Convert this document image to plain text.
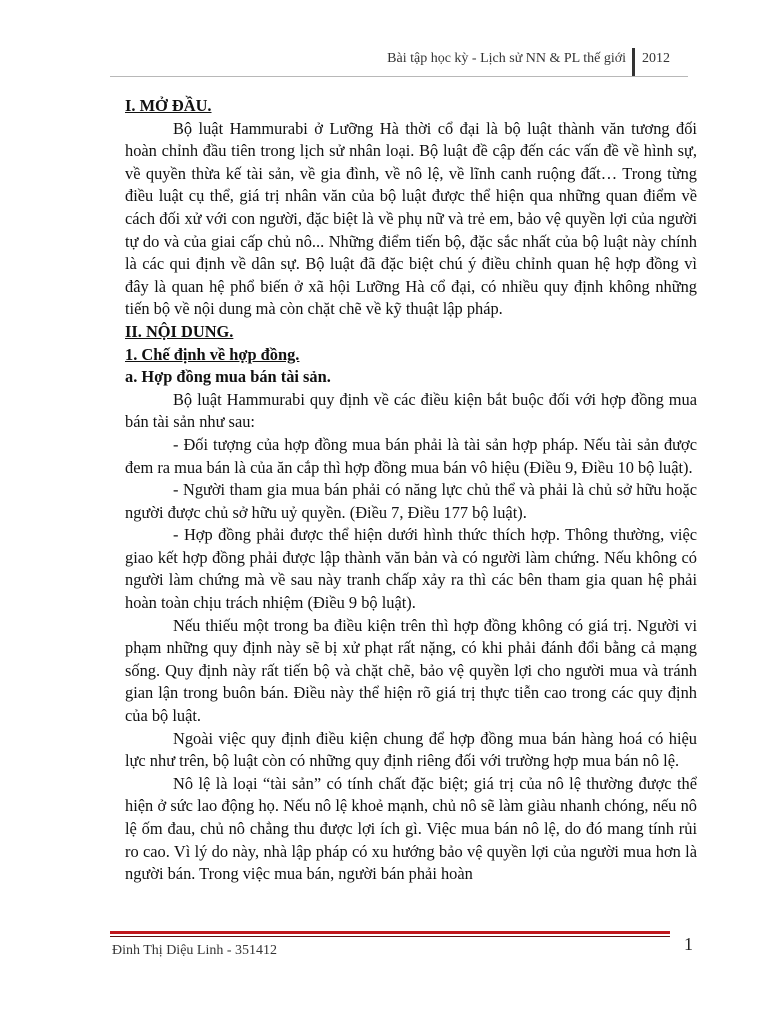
Bài tập học kỳ - Lịch sử NN & PL thế giới 2012

I. MỞ ĐẦU.

Bộ luật Hammurabi ở Lưỡng Hà thời cổ đại là bộ luật thành văn tương đối hoàn chỉnh đầu tiên trong lịch sử nhân loại. Bộ luật đề cập đến các vấn đề về hình sự, về quyền thừa kế tài sản, về gia đình, về nô lệ, về lĩnh canh ruộng đất… Trong từng điều luật cụ thể, giá trị nhân văn của bộ luật được thể hiện qua những quan điểm về cách đối xử với con người, đặc biệt là về phụ nữ và trẻ em, bảo vệ quyền lợi của người tự do và của giai cấp chủ nô... Những điểm tiến bộ, đặc sắc nhất của bộ luật này chính là các qui định về dân sự. Bộ luật đã đặc biệt chú ý điều chỉnh quan hệ hợp đồng vì đây là quan hệ phổ biến ở xã hội Lưỡng Hà cổ đại, có nhiều quy định không những tiến bộ về nội dung mà còn chặt chẽ về kỹ thuật lập pháp.

II. NỘI DUNG.

1. Chế định về hợp đồng.

a. Hợp đồng mua bán tài sản.

Bộ luật Hammurabi quy định về các điều kiện bắt buộc đối với hợp đồng mua bán tài sản như sau:

- Đối tượng của hợp đồng mua bán phải là tài sản hợp pháp. Nếu tài sản được đem ra mua bán là của ăn cắp thì hợp đồng mua bán vô hiệu (Điều 9, Điều 10 bộ luật).

- Người tham gia mua bán phải có năng lực chủ thể và phải là chủ sở hữu hoặc người được chủ sở hữu uỷ quyền. (Điều 7, Điều 177 bộ luật).

- Hợp đồng phải được thể hiện dưới hình thức thích hợp. Thông thường, việc giao kết hợp đồng phải được lập thành văn bản và có người làm chứng. Nếu không có người làm chứng mà về sau này tranh chấp xảy ra thì các bên tham gia quan hệ phải hoàn toàn chịu trách nhiệm (Điều 9 bộ luật).

Nếu thiếu một trong ba điều kiện trên thì hợp đồng không có giá trị. Người vi phạm những quy định này sẽ bị xử phạt rất nặng, có khi phải đánh đổi bằng cả mạng sống. Quy định này rất tiến bộ và chặt chẽ, bảo vệ quyền lợi cho người mua và tránh gian lận trong buôn bán. Điều này thể hiện rõ giá trị thực tiễn cao trong các quy định của bộ luật.

Ngoài việc quy định điều kiện chung để hợp đồng mua bán hàng hoá có hiệu lực như trên, bộ luật còn có những quy định riêng đối với trường hợp mua bán nô lệ.

Nô lệ là loại “tài sản” có tính chất đặc biệt; giá trị của nô lệ thường được thể hiện ở sức lao động họ. Nếu nô lệ khoẻ mạnh, chủ nô sẽ làm giàu nhanh chóng, nếu nô lệ ốm đau, chủ nô chẳng thu được lợi ích gì. Việc mua bán nô lệ, do đó mang tính rủi ro cao. Vì lý do này, nhà lập pháp có xu hướng bảo vệ quyền lợi của người mua hơn là người bán. Trong việc mua bán, người bán phải hoàn

Đinh Thị Diệu Linh - 351412	1
